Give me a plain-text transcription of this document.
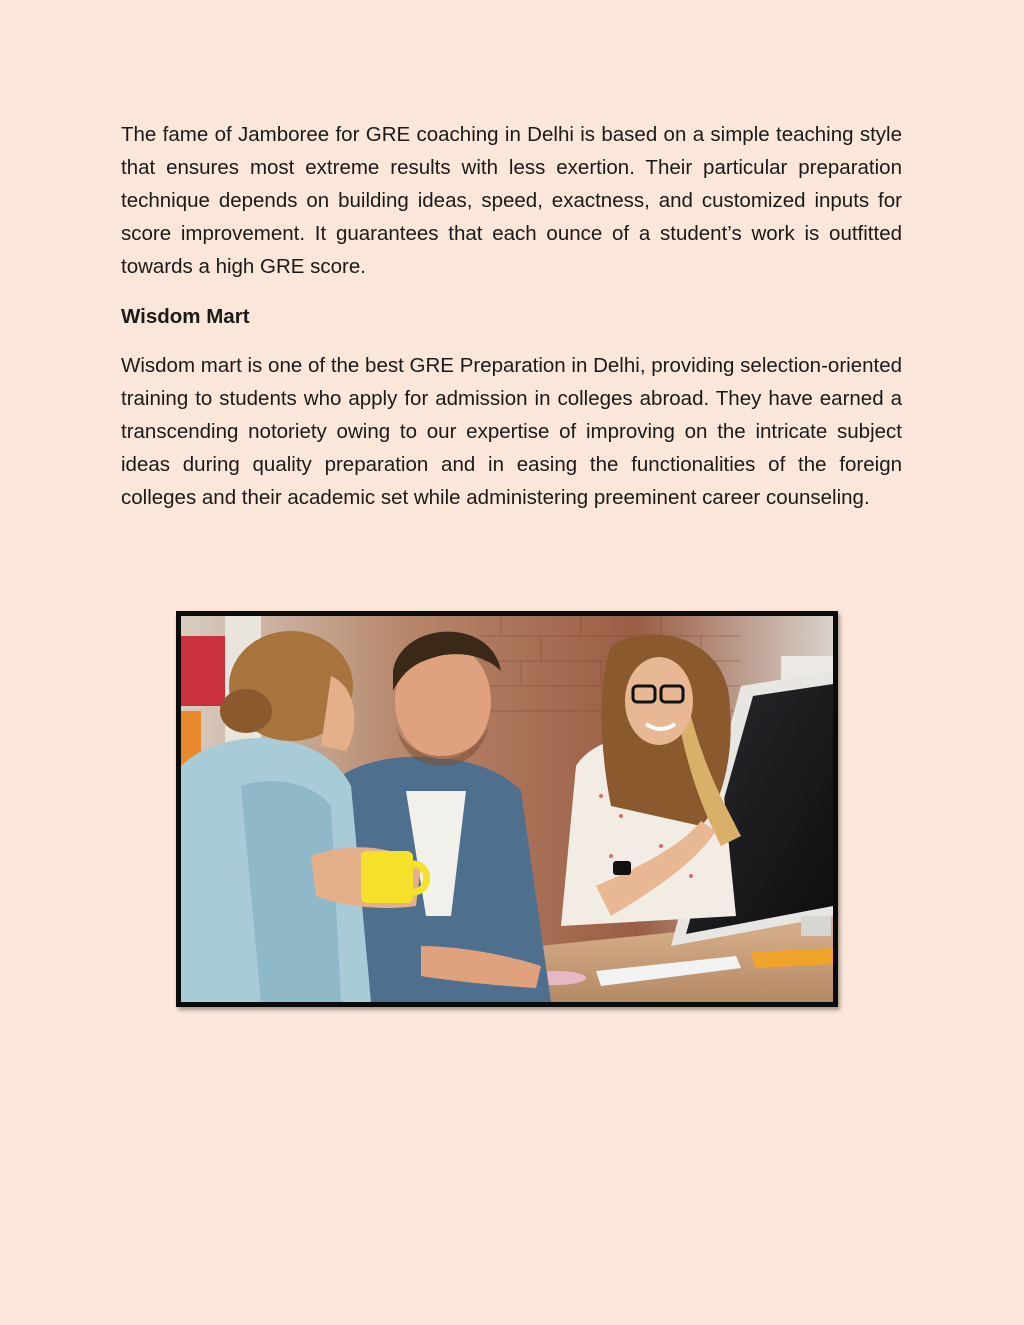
The fame of Jamboree for GRE coaching in Delhi is based on a simple teaching style that ensures most extreme results with less exertion. Their particular preparation technique depends on building ideas, speed, exactness, and customized inputs for score improvement. It guarantees that each ounce of a student’s work is outfitted towards a high GRE score.

Wisdom Mart

Wisdom mart is one of the best GRE Preparation in Delhi, providing selection-oriented training to students who apply for admission in colleges abroad. They have earned a transcending notoriety owing to our expertise of improving on the intricate subject ideas during quality preparation and in easing the functionalities of the foreign colleges and their academic set while administering preeminent career counseling.
